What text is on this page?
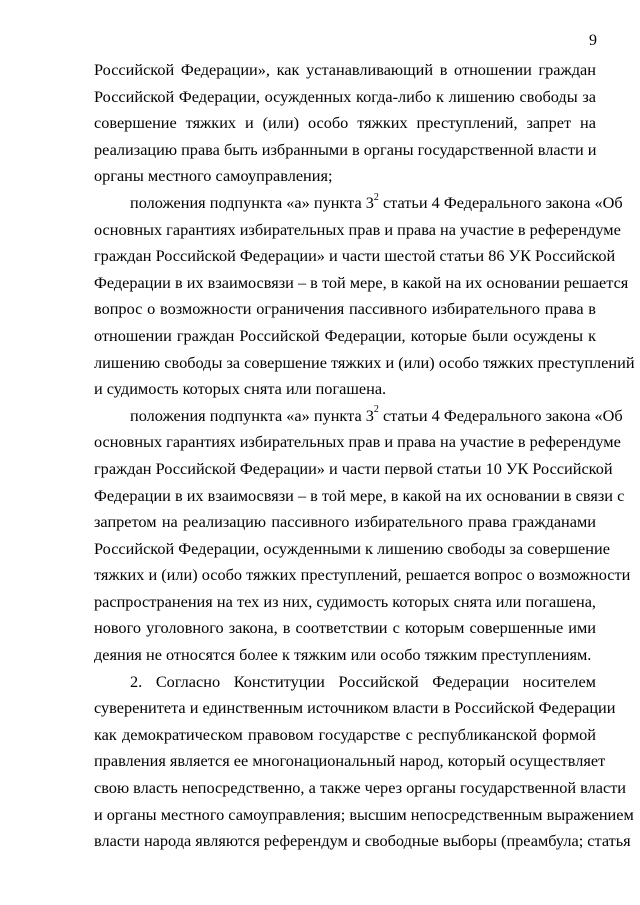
9
Российской Федерации», как устанавливающий в отношении граждан
Российской Федерации, осужденных когда-либо к лишению свободы за
совершение тяжких и (или) особо тяжких преступлений, запрет на
реализацию права быть избранными в органы государственной власти и
органы местного самоуправления;
положения подпункта «а» пункта $3^2$ статьи 4 Федерального закона «Об
основных гарантиях избирательных прав и права на участие в референдуме
граждан Российской Федерации» и части шестой статьи 86 УК Российской
Федерации в их взаимосвязи – в той мере, в какой на их основании решается
вопрос о возможности ограничения пассивного избирательного права в
отношении граждан Российской Федерации, которые были осуждены к
лишению свободы за совершение тяжких и (или) особо тяжких преступлений
и судимость которых снята или погашена.
положения подпункта «а» пункта $3^2$ статьи 4 Федерального закона «Об
основных гарантиях избирательных прав и права на участие в референдуме
граждан Российской Федерации» и части первой статьи 10 УК Российской
Федерации в их взаимосвязи – в той мере, в какой на их основании в связи с
запретом на реализацию пассивного избирательного права гражданами
Российской Федерации, осужденными к лишению свободы за совершение
тяжких и (или) особо тяжких преступлений, решается вопрос о возможности
распространения на тех из них, судимость которых снята или погашена,
нового уголовного закона, в соответствии с которым совершенные ими
деяния не относятся более к тяжким или особо тяжким преступлениям.
2. Согласно Конституции Российской Федерации носителем
суверенитета и единственным источником власти в Российской Федерации
как демократическом правовом государстве с республиканской формой
правления является ее многонациональный народ, который осуществляет
свою власть непосредственно, а также через органы государственной власти
и органы местного самоуправления; высшим непосредственным выражением
власти народа являются референдум и свободные выборы (преамбула; статья
